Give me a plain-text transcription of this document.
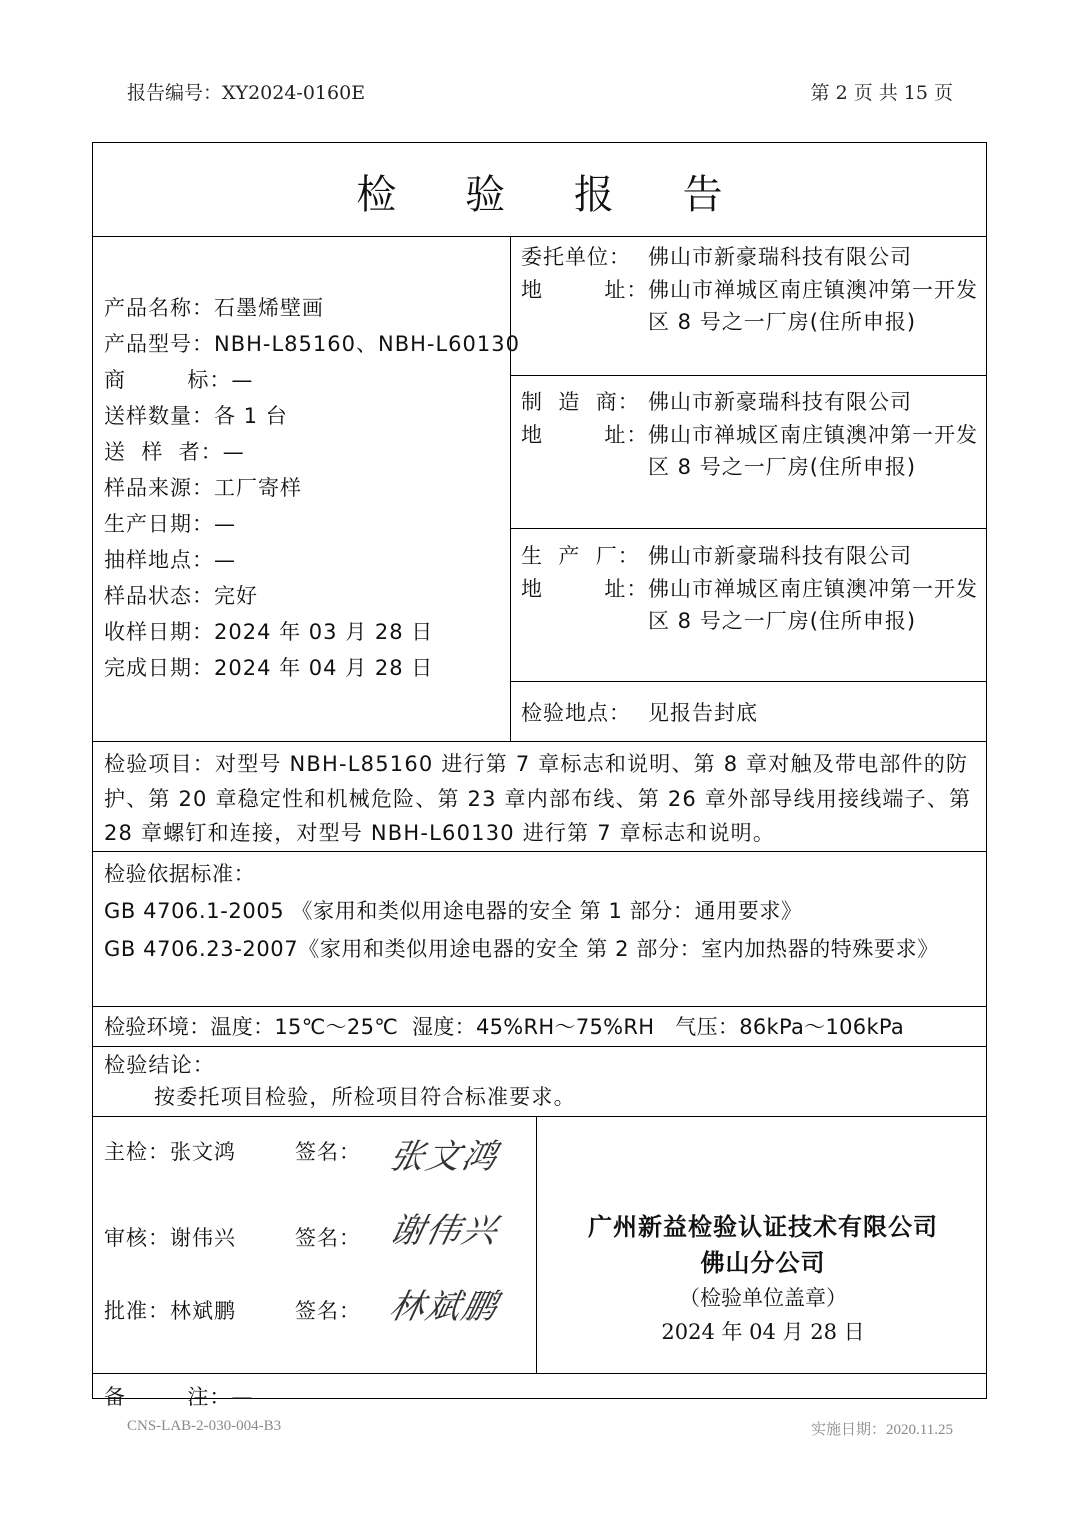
报告编号：XY2024-0160E	第 2 页 共 15 页
检 验 报 告
产品名称： 石墨烯壁画
产品型号： NBH-L85160、NBH-L60130
商        标： —
送样数量： 各 1 台
送  样  者： —
样品来源： 工厂寄样
生产日期： —
抽样地点： —
样品状态： 完好
收样日期： 2024 年 03 月 28 日
完成日期： 2024 年 04 月 28 日
委托单位： 佛山市新豪瑞科技有限公司
地        址： 佛山市禅城区南庄镇澳冲第一开发区 8 号之一厂房(住所申报)
制  造  商： 佛山市新豪瑞科技有限公司
地        址： 佛山市禅城区南庄镇澳冲第一开发区 8 号之一厂房(住所申报)
生  产  厂： 佛山市新豪瑞科技有限公司
地        址： 佛山市禅城区南庄镇澳冲第一开发区 8 号之一厂房(住所申报)
检验地点： 见报告封底
检验项目：对型号 NBH-L85160 进行第 7 章标志和说明、第 8 章对触及带电部件的防护、第 20 章稳定性和机械危险、第 23 章内部布线、第 26 章外部导线用接线端子、第 28 章螺钉和连接，对型号 NBH-L60130 进行第 7 章标志和说明。
检验依据标准：
GB 4706.1-2005 《家用和类似用途电器的安全 第 1 部分：通用要求》
GB 4706.23-2007《家用和类似用途电器的安全 第 2 部分：室内加热器的特殊要求》
检验环境：温度：15℃～25℃  湿度：45%RH～75%RH   气压：86kPa～106kPa
检验结论：
按委托项目检验，所检项目符合标准要求。
主检：张文鸿	签名： 张文鸿
审核：谢伟兴	签名： 谢伟兴
批准：林斌鹏	签名： 林斌鹏
广州新益检验认证技术有限公司
佛山分公司
（检验单位盖章）
2024 年 04 月 28 日
备        注：—
CNS-LAB-2-030-004-B3	实施日期：2020.11.25
